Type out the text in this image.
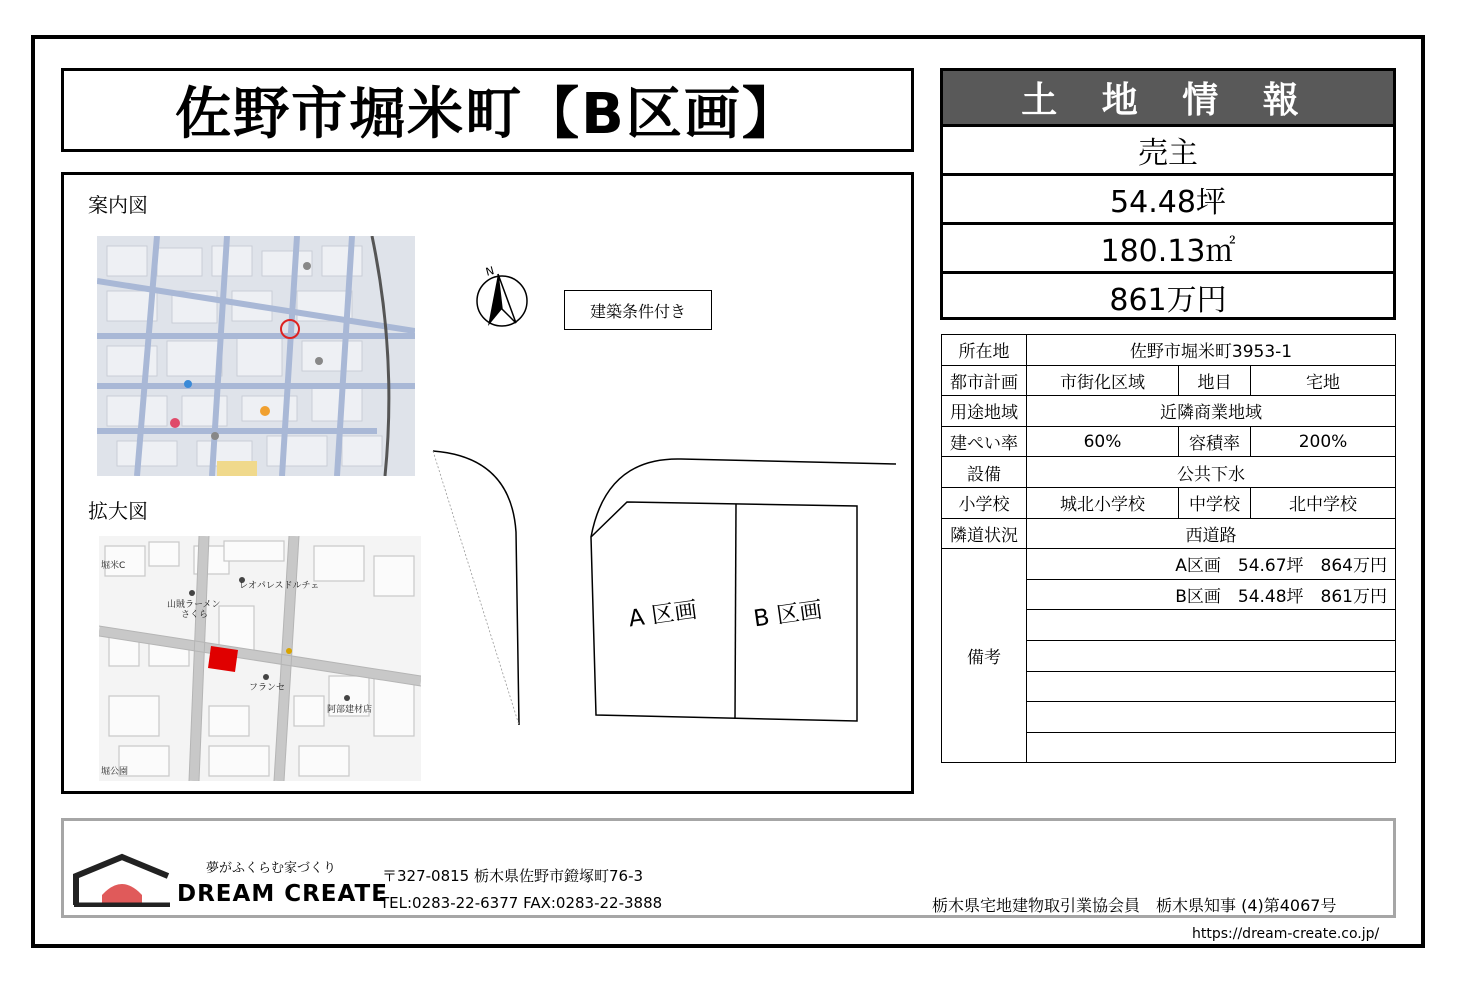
佐野市堀米町【B区画】
案内図
拡大図
レオパレスドルチェ
山賊ラーメン
さくら
フランセ
阿部建材店
堀公園
堀米C
N
A 区画 B 区画
建築条件付き
土 地 情 報
売主
54.48坪
180.13㎡
861万円
所在地	佐野市堀米町3953-1		
都市計画	市街化区域	地目	宅地
用途地域	近隣商業地域		
建ぺい率	60%	容積率	200%
設備	公共下水		
小学校	城北小学校	中学校	北中学校
隣道状況	西道路		
備考	A区画　54.67坪　864万円		
	B区画　54.48坪　861万円		

夢がふくらむ家づくり
DREAM CREATE
〒327-0815 栃木県佐野市鐙塚町76-3
TEL:0283-22-6377 FAX:0283-22-3888	栃木県宅地建物取引業協会員　栃木県知事 (4)第4067号
https://dream-create.co.jp/
